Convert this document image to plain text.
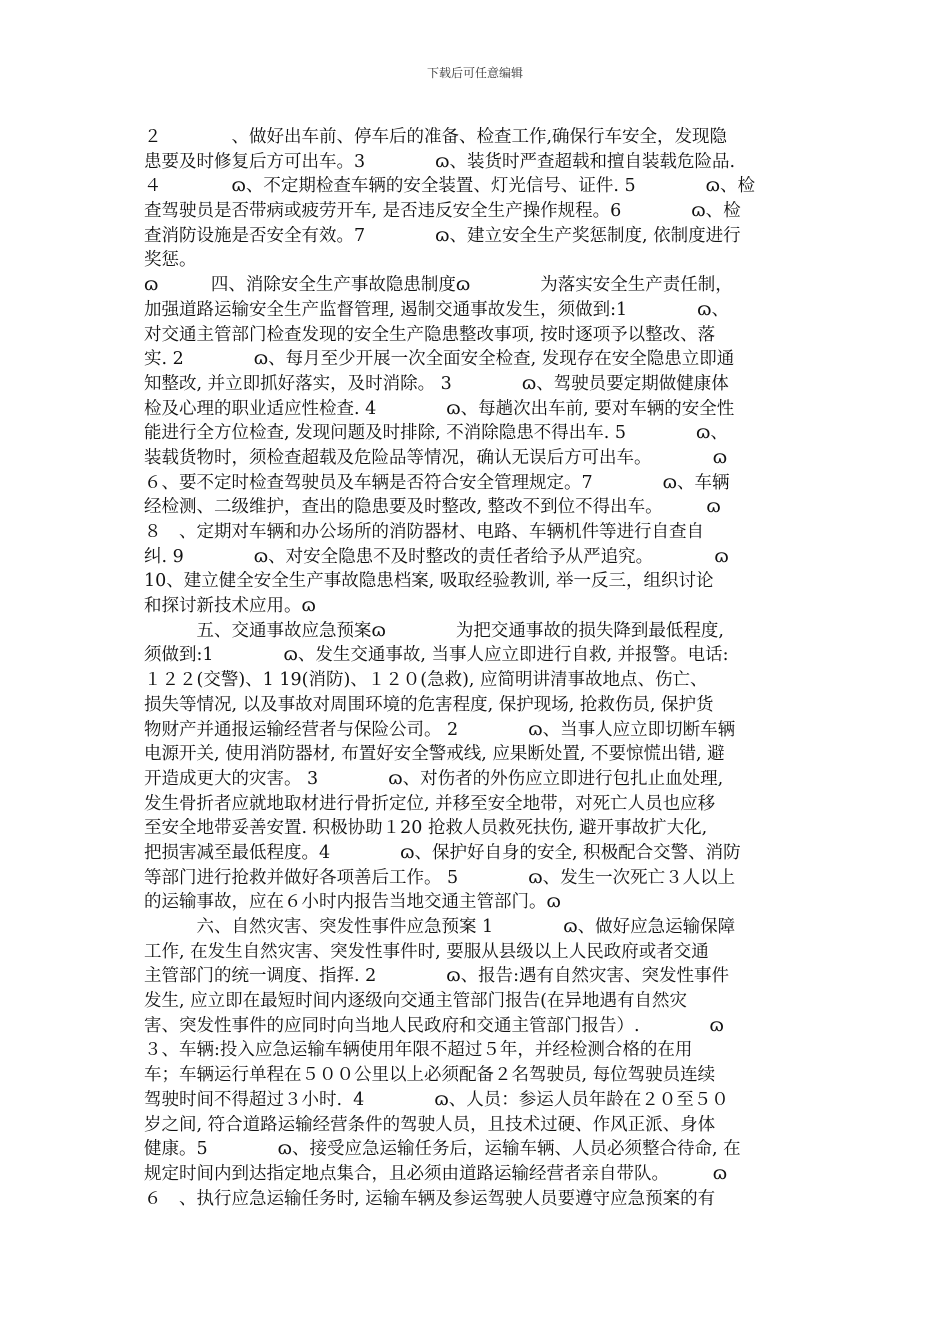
下载后可任意编辑
２　　　　、做好出车前、停车后的准备、检查工作,确保行车安全，发现隐
患要及时修复后方可出车。3　　　　ɷ、装货时严查超载和擅自装载危险品.
４　　　　ɷ、不定期检查车辆的安全装置、灯光信号、证件. 5　　　　ɷ、检
查驾驶员是否带病或疲劳开车, 是否违反安全生产操作规程。6　　　　ɷ、检
查消防设施是否安全有效。7　　　　ɷ、建立安全生产奖惩制度, 依制度进行
奖惩。
ɷ　　　四、消除安全生产事故隐患制度ɷ　　　　为落实安全生产责任制，
加强道路运输安全生产监督管理, 遏制交通事故发生，须做到:1　　　　ɷ、
对交通主管部门检查发现的安全生产隐患整改事项, 按时逐项予以整改、落
实. 2　　　　ɷ、每月至少开展一次全面安全检查, 发现存在安全隐患立即通
知整改, 并立即抓好落实，及时消除。 3　　　　ɷ、驾驶员要定期做健康体
检及心理的职业适应性检查. 4　　　　ɷ、每趟次出车前, 要对车辆的安全性
能进行全方位检查, 发现问题及时排除, 不消除隐患不得出车. 5　　　　ɷ、
装载货物时，须检查超载及危险品等情况，确认无误后方可出车。　　　　ɷ
６、要不定时检查驾驶员及车辆是否符合安全管理规定。7　　　　ɷ、车辆
经检测、二级维护，查出的隐患要及时整改, 整改不到位不得出车。　　　ɷ
８　、定期对车辆和办公场所的消防器材、电路、车辆机件等进行自查自
纠. 9　　　　ɷ、对安全隐患不及时整改的责任者给予从严追究。　　　　ɷ
10、建立健全安全生产事故隐患档案, 吸取经验教训, 举一反三，组织讨论
和探讨新技术应用。ɷ
　　　五、交通事故应急预案ɷ　　　　为把交通事故的损失降到最低程度,
须做到:1　　　　ɷ、发生交通事故, 当事人应立即进行自救, 并报警。电话:
１２２(交警)、1 19(消防)、１２０(急救), 应简明讲清事故地点、伤亡、
损失等情况, 以及事故对周围环境的危害程度, 保护现场, 抢救伤员, 保护货
物财产并通报运输经营者与保险公司。 2　　　　ɷ、当事人应立即切断车辆
电源开关, 使用消防器材, 布置好安全警戒线, 应果断处置, 不要惊慌出错, 避
开造成更大的灾害。 3　　　　ɷ、对伤者的外伤应立即进行包扎止血处理,
发生骨折者应就地取材进行骨折定位, 并移至安全地带，对死亡人员也应移
至安全地带妥善安置. 积极协助１20 抢救人员救死扶伤, 避开事故扩大化,
把损害减至最低程度。4　　　　ɷ、保护好自身的安全, 积极配合交警、消防
等部门进行抢救并做好各项善后工作。 5　　　　ɷ、发生一次死亡３人以上
的运输事故，应在６小时内报告当地交通主管部门。ɷ
　　　六、自然灾害、突发性事件应急预案 1　　　　ɷ、做好应急运输保障
工作, 在发生自然灾害、突发性事件时, 要服从县级以上人民政府或者交通
主管部门的统一调度、指挥. 2　　　　ɷ、报告:遇有自然灾害、突发性事件
发生, 应立即在最短时间内逐级向交通主管部门报告(在异地遇有自然灾
害、突发性事件的应同时向当地人民政府和交通主管部门报告）.　　　　ɷ
３、车辆:投入应急运输车辆使用年限不超过５年，并经检测合格的在用
车；车辆运行单程在５００公里以上必须配备２名驾驶员, 每位驾驶员连续
驾驶时间不得超过３小时.  4　　　　ɷ、人员：参运人员年龄在２０至５０
岁之间, 符合道路运输经营条件的驾驶人员，且技术过硬、作风正派、身体
健康。5　　　　ɷ、接受应急运输任务后，运输车辆、人员必须整合待命, 在
规定时间内到达指定地点集合，且必须由道路运输经营者亲自带队。　　　ɷ
６　、执行应急运输任务时, 运输车辆及参运驾驶人员要遵守应急预案的有
